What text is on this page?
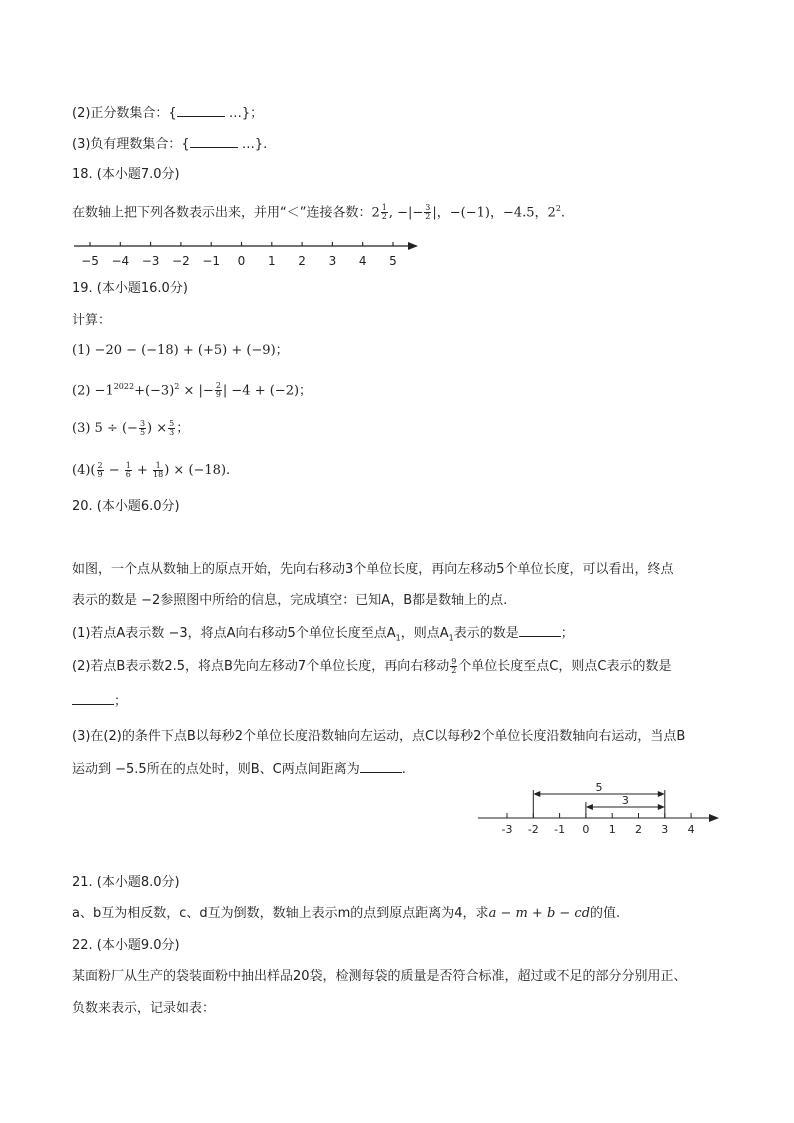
(2)正分数集合：{	…}；
(3)负有理数集合：{	…}.
18. (本小题7.0分)
在数轴上把下列各数表示出来，并用“＜”连接各数：$2 \frac{1}{2}$ , −|− $\frac{3}{2}$ |，−(−1)，−4.5，$2^2$.
−5 −4 −3 −2 −1 0 1 2 3 4 5
19. (本小题16.0分)
计算：
(1) −20 − (−18) + (+5) + (−9)；
$(2) -1^{2022}+(-3)^2$ × |− $\frac{2}{9}$ | −4 + (−2)；
(3) 5 ÷ (− $\frac{3}{5}$ ) × $\frac{5}{3}$ ；
$(4)( \frac{2}{9} - \frac{1}{6} + \frac{1}{18}$ ) × (−18).
20. (本小题6.0分)
如图，一个点从数轴上的原点开始，先向右移动3个单位长度，再向左移动5个单位长度，可以看出，终点
表示的数是 −2参照图中所给的信息，完成填空：已知A，B都是数轴上的点.
(1)若点A表示数 −3，将点A向右移动5个单位长度至点$A_1$，则点$A_1$表示的数是	；
(2)若点B表示数2.5，将点B先向左移动7个单位长度，再向右移动 $\frac{9}{2}$ 个单位长度至点C，则点C表示的数是
；
(3)在(2)的条件下点B以每秒2个单位长度沿数轴向左运动，点C以每秒2个单位长度沿数轴向右运动，当点B
运动到 −5.5所在的点处时，则B、C两点间距离为	.
-3 -2 -1 0 1 2 3 4
5
3
21. (本小题8.0分)
a、b互为相反数，c、d互为倒数，数轴上表示m的点到原点距离为4，求a − m + b − cd的值.
22. (本小题9.0分)
某面粉厂从生产的袋装面粉中抽出样品20袋，检测每袋的质量是否符合标准，超过或不足的部分分别用正、
负数来表示，记录如表：
